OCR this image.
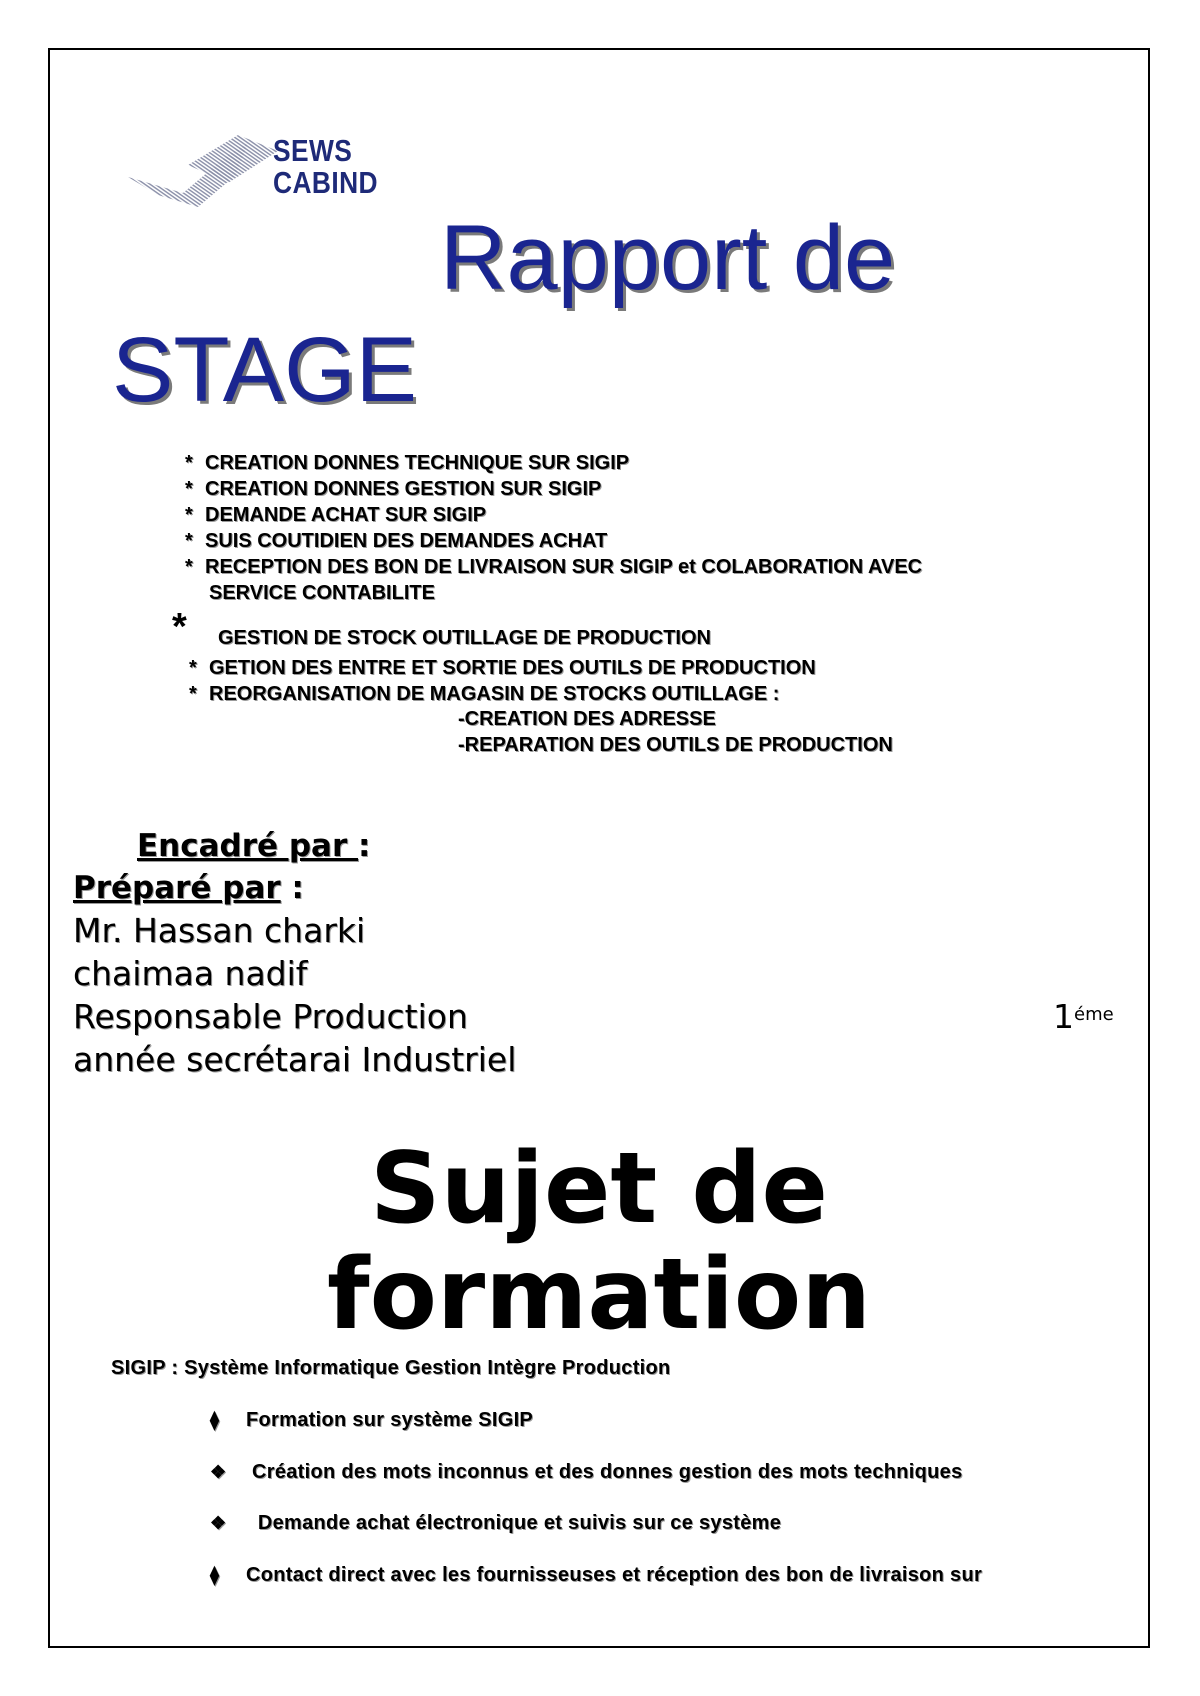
SEWS
CABIND
Rapport de
STAGE
* CREATION DONNES TECHNIQUE SUR SIGIP
* CREATION DONNES GESTION SUR SIGIP
* DEMANDE ACHAT SUR SIGIP
* SUIS COUTIDIEN DES DEMANDES ACHAT
* RECEPTION DES BON DE LIVRAISON SUR SIGIP et COLABORATION AVEC
SERVICE CONTABILITE
* GESTION DE STOCK OUTILLAGE DE PRODUCTION
* GETION DES ENTRE ET SORTIE DES OUTILS DE PRODUCTION
* REORGANISATION DE MAGASIN DE STOCKS OUTILLAGE :
-CREATION DES ADRESSE
-REPARATION DES OUTILS DE PRODUCTION
Encadré par :
Préparé par :
Mr. Hassan charki
chaimaa nadif
Responsable Production	$1^{éme}$
année secrétarai Industriel
Sujet de
formation
SIGIP : Système Informatique Gestion Intègre Production
⧫ Formation sur système SIGIP
❖ Création des mots inconnus et des donnes gestion des mots techniques
❖ Demande achat électronique et suivis sur ce système
⧫ Contact direct avec les fournisseuses et réception des bon de livraison sur
